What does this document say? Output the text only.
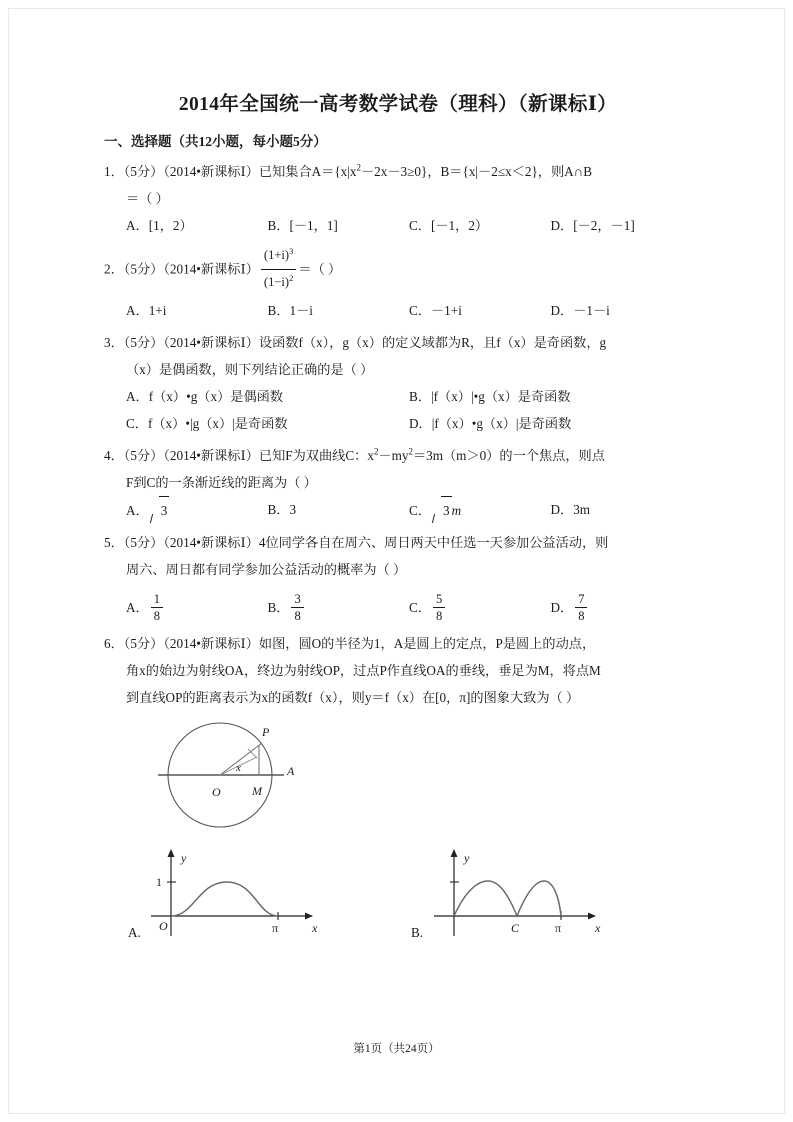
2014年全国统一高考数学试卷（理科）（新课标Ⅰ）
一、选择题（共12小题，每小题5分）
1．（5分）（2014•新课标Ⅰ）已知集合$A=\{x|x^2-2x-3\ge 0\}$，B＝{x|－2≤x＜2}，则A∩B
＝（ ）
A．[1，2）	B．[－1，1]	C．[－1，2）	D．[－2，－1]
2．（5分）（2014•新课标Ⅰ） $\frac{(1+i)^3}{(1-i)^2}$ ＝（ ）
A．1+i	B．1－i	C．－1+i	D．－1－i
3．（5分）（2014•新课标Ⅰ）设函数f（x），g（x）的定义域都为R，且f（x）是奇函数，g
（x）是偶函数，则下列结论正确的是（ ）
A．f（x）•g（x）是偶函数	B．|f（x）|•g（x）是奇函数
C．f（x）•|g（x）|是奇函数	D．|f（x）•g（x）|是奇函数
4．（5分）（2014•新课标Ⅰ）已知F为双曲线C：$x^2-my^2=3m(m>0)$的一个焦点，则点
F到C的一条渐近线的距离为（ ）
A． 3	B．3	C． 3 m	D．3m
5．（5分）（2014•新课标Ⅰ）4位同学各自在周六、周日两天中任选一天参加公益活动，则
周六、周日都有同学参加公益活动的概率为（ ）
A． $\frac{1}{8}$	B． $\frac{3}{8}$	C． $\frac{5}{8}$	D． $\frac{7}{8}$
6．（5分）（2014•新课标Ⅰ）如图，圆O的半径为1，A是圆上的定点，P是圆上的动点，
角x的始边为射线OA，终边为射线OP，过点P作直线OA的垂线，垂足为M，将点M
到直线OP的距离表示为x的函数f（x），则y＝f（x）在[0，π]的图象大致为（ ）
P
A
O	M
x
y
x
1
O	π
A.
y
x
C	π
B.
第1页（共24页）
